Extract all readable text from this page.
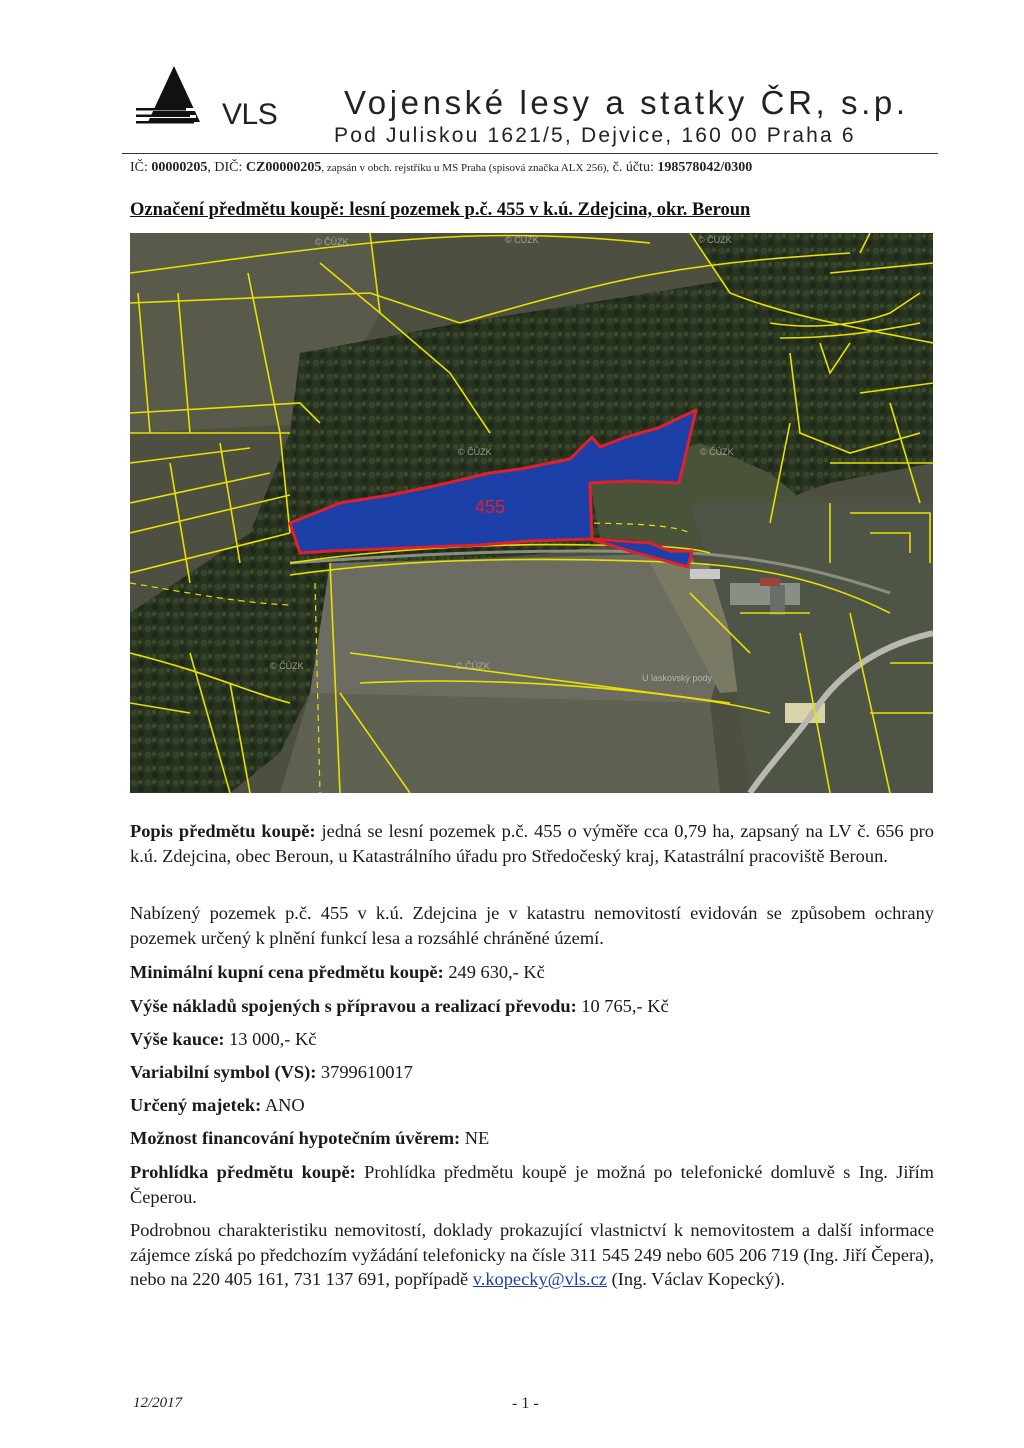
VLS Vojenské lesy a statky ČR, s.p.
Pod Juliskou 1621/5, Dejvice, 160 00 Praha 6
IČ: 00000205, DIČ: CZ00000205, zapsán v obch. rejstříku u MS Praha (spisová značka ALX 256), č. účtu: 198578042/0300
Označení předmětu koupě: lesní pozemek p.č. 455 v k.ú. Zdejcina, okr. Beroun
455
© ČÚZK	© ČÚZK	© ČÚZK
© ČÚZK	© ČÚZK
© ČÚZK	© ČÚZK
U laskovský pody
Popis předmětu koupě: jedná se lesní pozemek p.č. 455 o výměře cca 0,79 ha, zapsaný na LV č. 656 pro k.ú. Zdejcina, obec Beroun, u Katastrálního úřadu pro Středočeský kraj, Katastrální pracoviště Beroun.
Nabízený pozemek p.č. 455 v k.ú. Zdejcina je v katastru nemovitostí evidován se způsobem ochrany pozemek určený k plnění funkcí lesa a rozsáhlé chráněné území.
Minimální kupní cena předmětu koupě: 249 630,- Kč
Výše nákladů spojených s přípravou a realizací převodu: 10 765,- Kč
Výše kauce: 13 000,- Kč
Variabilní symbol (VS): 3799610017
Určený majetek: ANO
Možnost financování hypotečním úvěrem: NE
Prohlídka předmětu koupě: Prohlídka předmětu koupě je možná po telefonické domluvě s Ing. Jiřím Čeperou.
Podrobnou charakteristiku nemovitostí, doklady prokazující vlastnictví k nemovitostem a další informace zájemce získá po předchozím vyžádání telefonicky na čísle 311 545 249 nebo 605 206 719 (Ing. Jiří Čepera), nebo na 220 405 161, 731 137 691, popřípadě v.kopecky@vls.cz (Ing. Václav Kopecký).
12/2017	- 1 -
